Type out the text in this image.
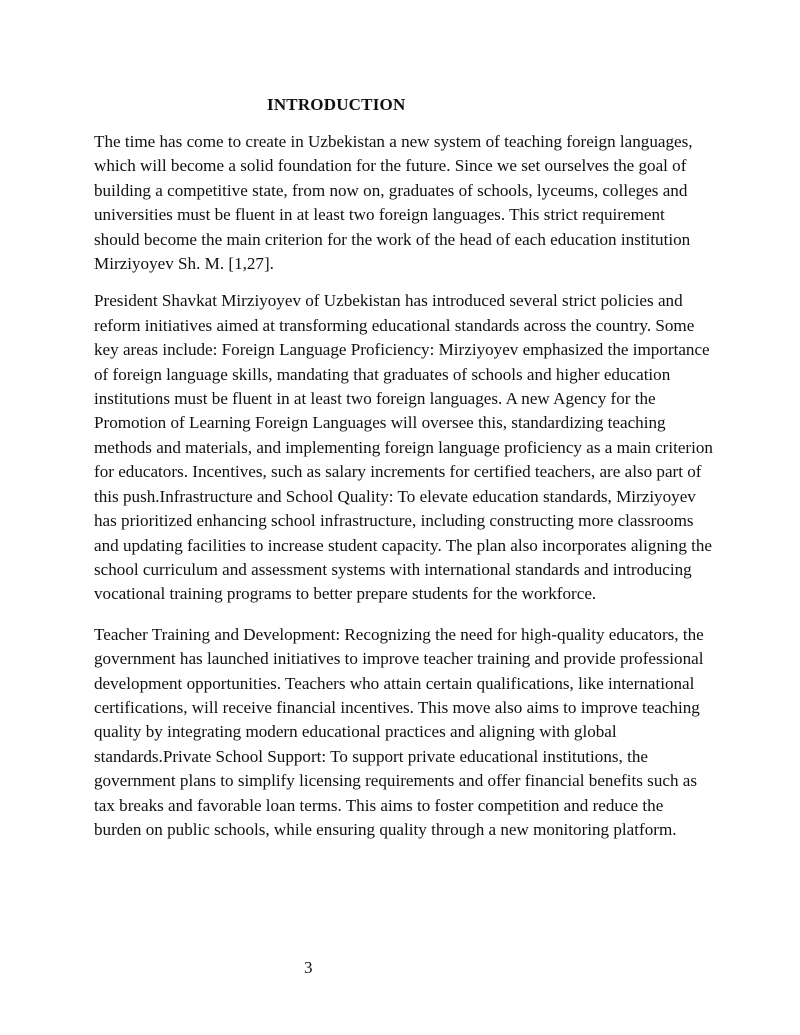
INTRODUCTION

The time has come to create in Uzbekistan a new system of teaching foreign languages, which will become a solid foundation for the future. Since we set ourselves the goal of building a competitive state, from now on, graduates of schools, lyceums, colleges and universities must be fluent in at least two foreign languages. This strict requirement should become the main criterion for the work of the head of each education institution Mirziyoyev Sh. M. [1,27].

President Shavkat Mirziyoyev of Uzbekistan has introduced several strict policies and reform initiatives aimed at transforming educational standards across the country. Some key areas include: Foreign Language Proficiency: Mirziyoyev emphasized the importance of foreign language skills, mandating that graduates of schools and higher education institutions must be fluent in at least two foreign languages. A new Agency for the Promotion of Learning Foreign Languages will oversee this, standardizing teaching methods and materials, and implementing foreign language proficiency as a main criterion for educators. Incentives, such as salary increments for certified teachers, are also part of this push.Infrastructure and School Quality: To elevate education standards, Mirziyoyev has prioritized enhancing school infrastructure, including constructing more classrooms and updating facilities to increase student capacity. The plan also incorporates aligning the school curriculum and assessment systems with international standards and introducing vocational training programs to better prepare students for the workforce.

Teacher Training and Development: Recognizing the need for high-quality educators, the government has launched initiatives to improve teacher training and provide professional development opportunities. Teachers who attain certain qualifications, like international certifications, will receive financial incentives. This move also aims to improve teaching quality by integrating modern educational practices and aligning with global standards.Private School Support: To support private educational institutions, the government plans to simplify licensing requirements and offer financial benefits such as tax breaks and favorable loan terms. This aims to foster competition and reduce the burden on public schools, while ensuring quality through a new monitoring platform.

3
